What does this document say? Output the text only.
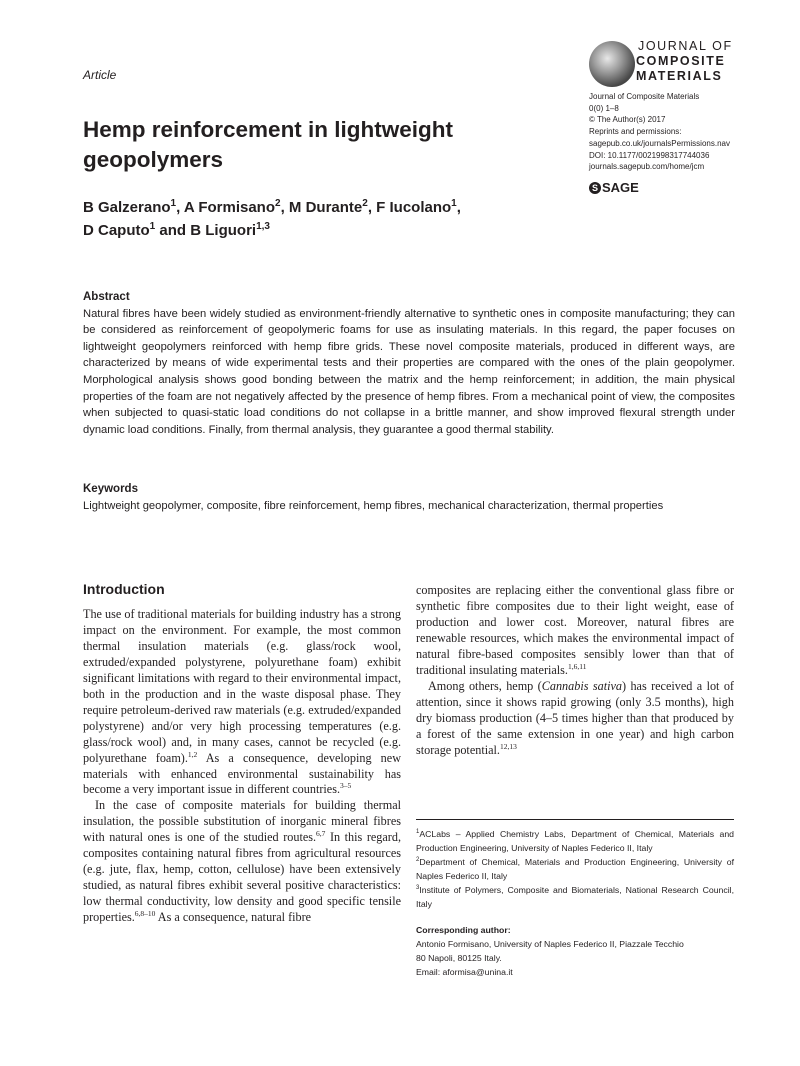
Article
Hemp reinforcement in lightweight geopolymers
B Galzerano$^1$, A Formisano$^2$, M Durante$^2$, F Iucolano$^1$,
D Caputo$^1$ and B Liguori$^{1,3}$
JOURNAL OF
COMPOSITE
MATERIALS
Journal of Composite Materials
0(0) 1–8
© The Author(s) 2017
Reprints and permissions:
sagepub.co.uk/journalsPermissions.nav
DOI: 10.1177/0021998317744036
journals.sagepub.com/home/jcm
S SAGE

Abstract

Natural fibres have been widely studied as environment-friendly alternative to synthetic ones in composite manufacturing; they can be considered as reinforcement of geopolymeric foams for use as insulating materials. In this regard, the paper focuses on lightweight geopolymers reinforced with hemp fibre grids. These novel composite materials, produced in different ways, are characterized by means of wide experimental tests and their properties are compared with the ones of the plain geopolymer. Morphological analysis shows good bonding between the matrix and the hemp reinforcement; in addition, the main physical properties of the foam are not negatively affected by the presence of hemp fibres. From a mechanical point of view, the composites when subjected to quasi-static load conditions do not collapse in a brittle manner, and show improved flexural strength under dynamic load conditions. Finally, from thermal analysis, they guarantee a good thermal stability.

Keywords

Lightweight geopolymer, composite, fibre reinforcement, hemp fibres, mechanical characterization, thermal properties

Introduction

The use of traditional materials for building industry has a strong impact on the environment. For example, the most common thermal insulation materials (e.g. glass/rock wool, extruded/expanded polystyrene, polyurethane foam) exhibit significant limitations with regard to their environmental impact, both in the production and in the waste disposal phase. They require petroleum-derived raw materials (e.g. extruded/expanded polystyrene) and/or very high processing temperatures (e.g. glass/rock wool) and, in many cases, cannot be recycled (e.g. polyurethane foam).$^{1,2}$ As a consequence, developing new materials with enhanced environmental sustainability has become a very important issue in different countries.$^{3-5}$

In the case of composite materials for building thermal insulation, the possible substitution of inorganic mineral fibres with natural ones is one of the studied routes.$^{6,7}$ In this regard, composites containing natural fibres from agricultural resources (e.g. jute, flax, hemp, cotton, cellulose) have been extensively studied, as natural fibres exhibit several positive characteristics: low thermal conductivity, low density and good specific tensile properties.$^{6,8-10}$ As a consequence, natural fibre

composites are replacing either the conventional glass fibre or synthetic fibre composites due to their light weight, ease of production and lower cost. Moreover, natural fibres are renewable resources, which makes the environmental impact of natural fibre-based composites sensibly lower than that of traditional insulating materials.$^{1,6,11}$

Among others, hemp (Cannabis sativa) has received a lot of attention, since it shows rapid growing (only 3.5 months), high dry biomass production (4–5 times higher than that produced by a forest of the same extension in one year) and high carbon storage potential.$^{12,13}$

$^1$ACLabs – Applied Chemistry Labs, Department of Chemical, Materials and Production Engineering, University of Naples Federico II, Italy

$^2$Department of Chemical, Materials and Production Engineering, University of Naples Federico II, Italy

$^3$Institute of Polymers, Composite and Biomaterials, National Research Council, Italy

Corresponding author:

Antonio Formisano, University of Naples Federico II, Piazzale Tecchio

80 Napoli, 80125 Italy.

Email: aformisa@unina.it
